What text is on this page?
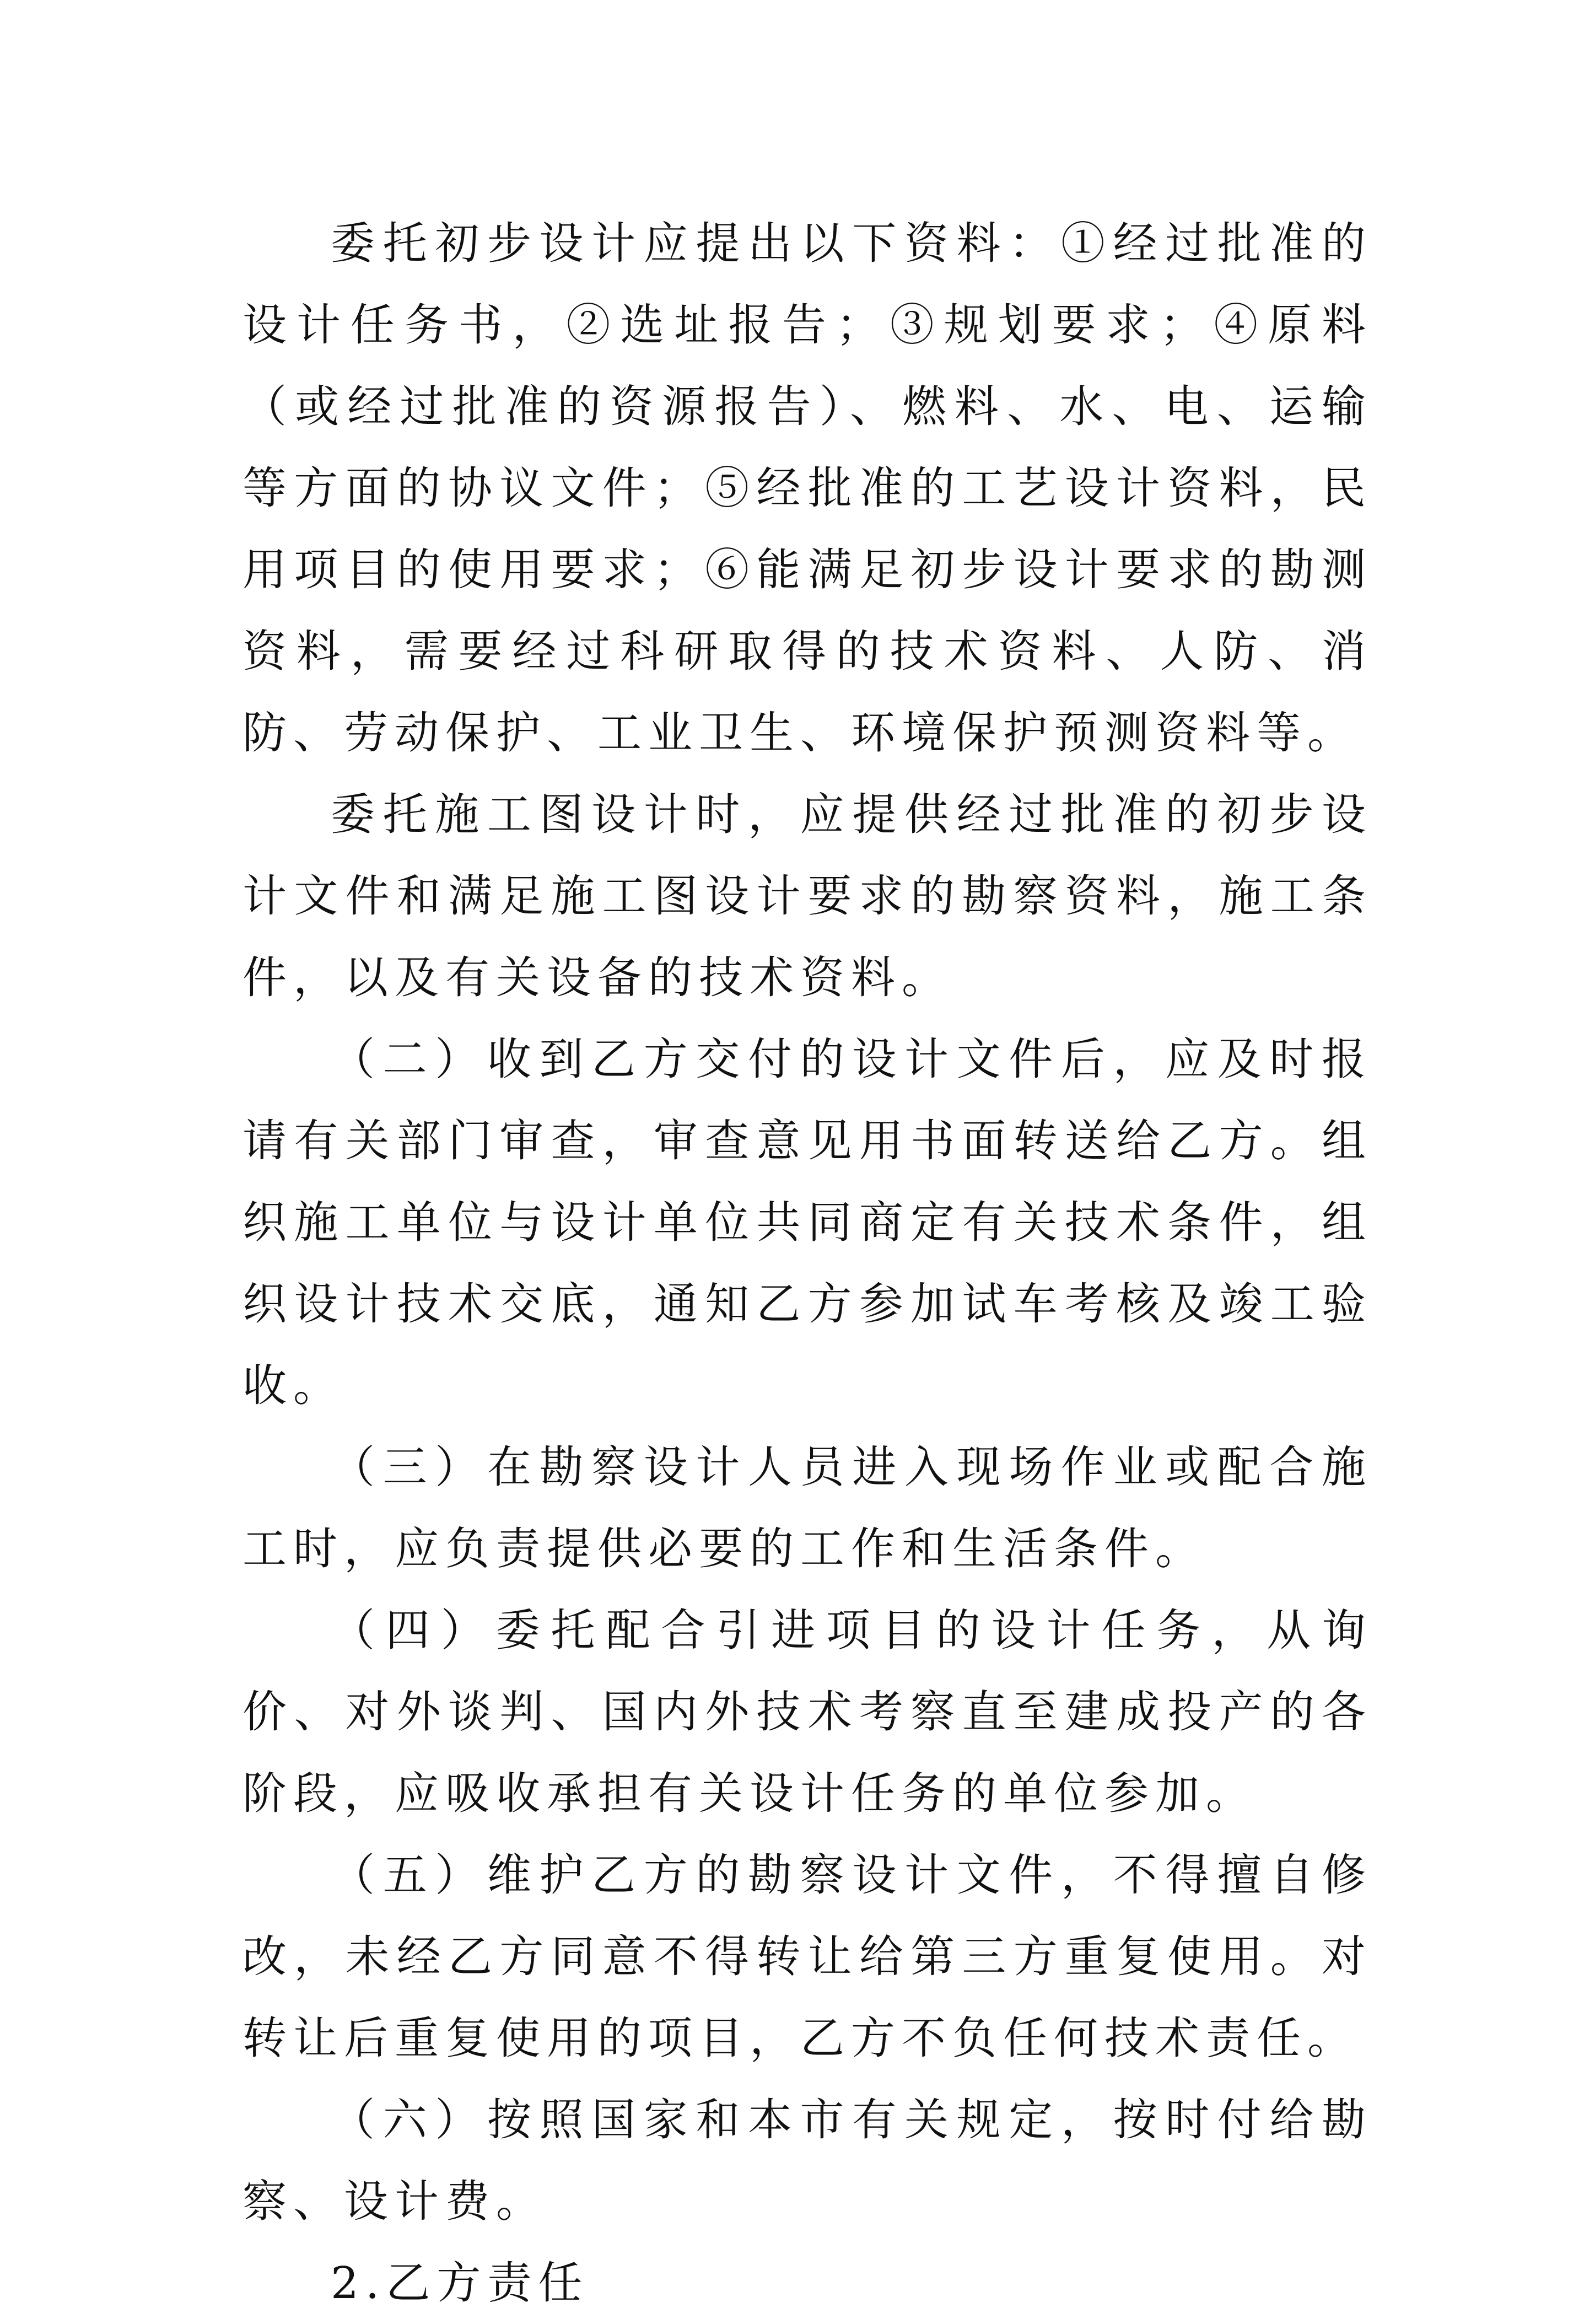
委托初步设计应提出以下资料：①经过批准的设计任务书，②选址报告；③规划要求；④原料（或经过批准的资源报告）、燃料、水、电、运输等方面的协议文件；⑤经批准的工艺设计资料，民用项目的使用要求；⑥能满足初步设计要求的勘测资料，需要经过科研取得的技术资料、人防、消防、劳动保护、工业卫生、环境保护预测资料等。

委托施工图设计时，应提供经过批准的初步设计文件和满足施工图设计要求的勘察资料，施工条件，以及有关设备的技术资料。

（二）收到乙方交付的设计文件后，应及时报请有关部门审查，审查意见用书面转送给乙方。组织施工单位与设计单位共同商定有关技术条件，组织设计技术交底，通知乙方参加试车考核及竣工验收。

（三）在勘察设计人员进入现场作业或配合施工时，应负责提供必要的工作和生活条件。

（四）委托配合引进项目的设计任务，从询价、对外谈判、国内外技术考察直至建成投产的各阶段，应吸收承担有关设计任务的单位参加。

（五）维护乙方的勘察设计文件，不得擅自修改，未经乙方同意不得转让给第三方重复使用。对转让后重复使用的项目，乙方不负任何技术责任。

（六）按照国家和本市有关规定，按时付给勘察、设计费。

2.乙方责任
